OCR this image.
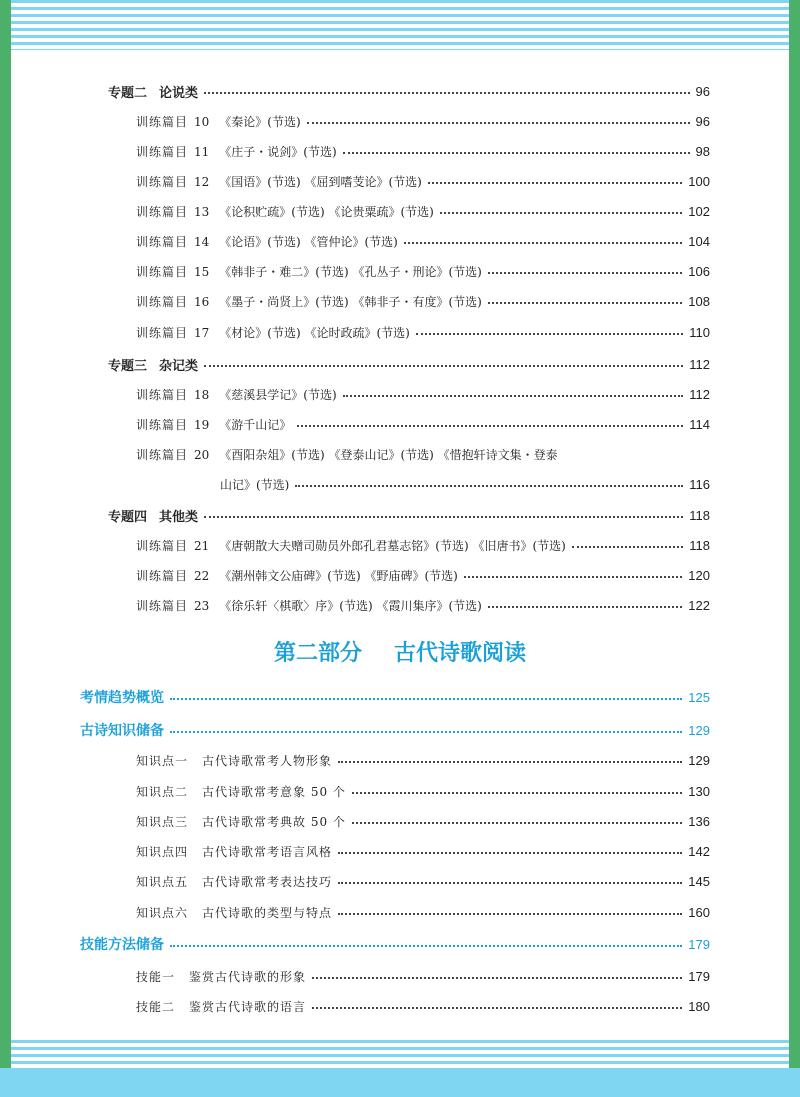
专题二 论说类	96
训练篇目 10 《秦论》(节选)	96
训练篇目 11 《庄子・说剑》(节选)	98
训练篇目 12 《国语》(节选) 《屈到嗜芰论》(节选)	100
训练篇目 13 《论积贮疏》(节选) 《论贵粟疏》(节选)	102
训练篇目 14 《论语》(节选) 《管仲论》(节选)	104
训练篇目 15 《韩非子・难二》(节选) 《孔丛子・刑论》(节选)	106
训练篇目 16 《墨子・尚贤上》(节选) 《韩非子・有度》(节选)	108
训练篇目 17 《材论》(节选) 《论时政疏》(节选)	110
专题三 杂记类	112
训练篇目 18 《慈溪县学记》(节选)	112
训练篇目 19 《游千山记》	114
训练篇目 20 《酉阳杂俎》(节选) 《登泰山记》(节选) 《惜抱轩诗文集・登泰
山记》(节选)	116
专题四 其他类	118
训练篇目 21 《唐朝散大夫赠司勋员外郎孔君墓志铭》(节选) 《旧唐书》(节选)	118
训练篇目 22 《潮州韩文公庙碑》(节选) 《野庙碑》(节选)	120
训练篇目 23 《徐乐轩〈棋歌〉序》(节选) 《霞川集序》(节选)	122
第二部分 古代诗歌阅读
考情趋势概览	125
古诗知识储备	129
知识点一 古代诗歌常考人物形象	129
知识点二 古代诗歌常考意象 50 个	130
知识点三 古代诗歌常考典故 50 个	136
知识点四 古代诗歌常考语言风格	142
知识点五 古代诗歌常考表达技巧	145
知识点六 古代诗歌的类型与特点	160
技能方法储备	179
技能一 鉴赏古代诗歌的形象	179
技能二 鉴赏古代诗歌的语言	180
